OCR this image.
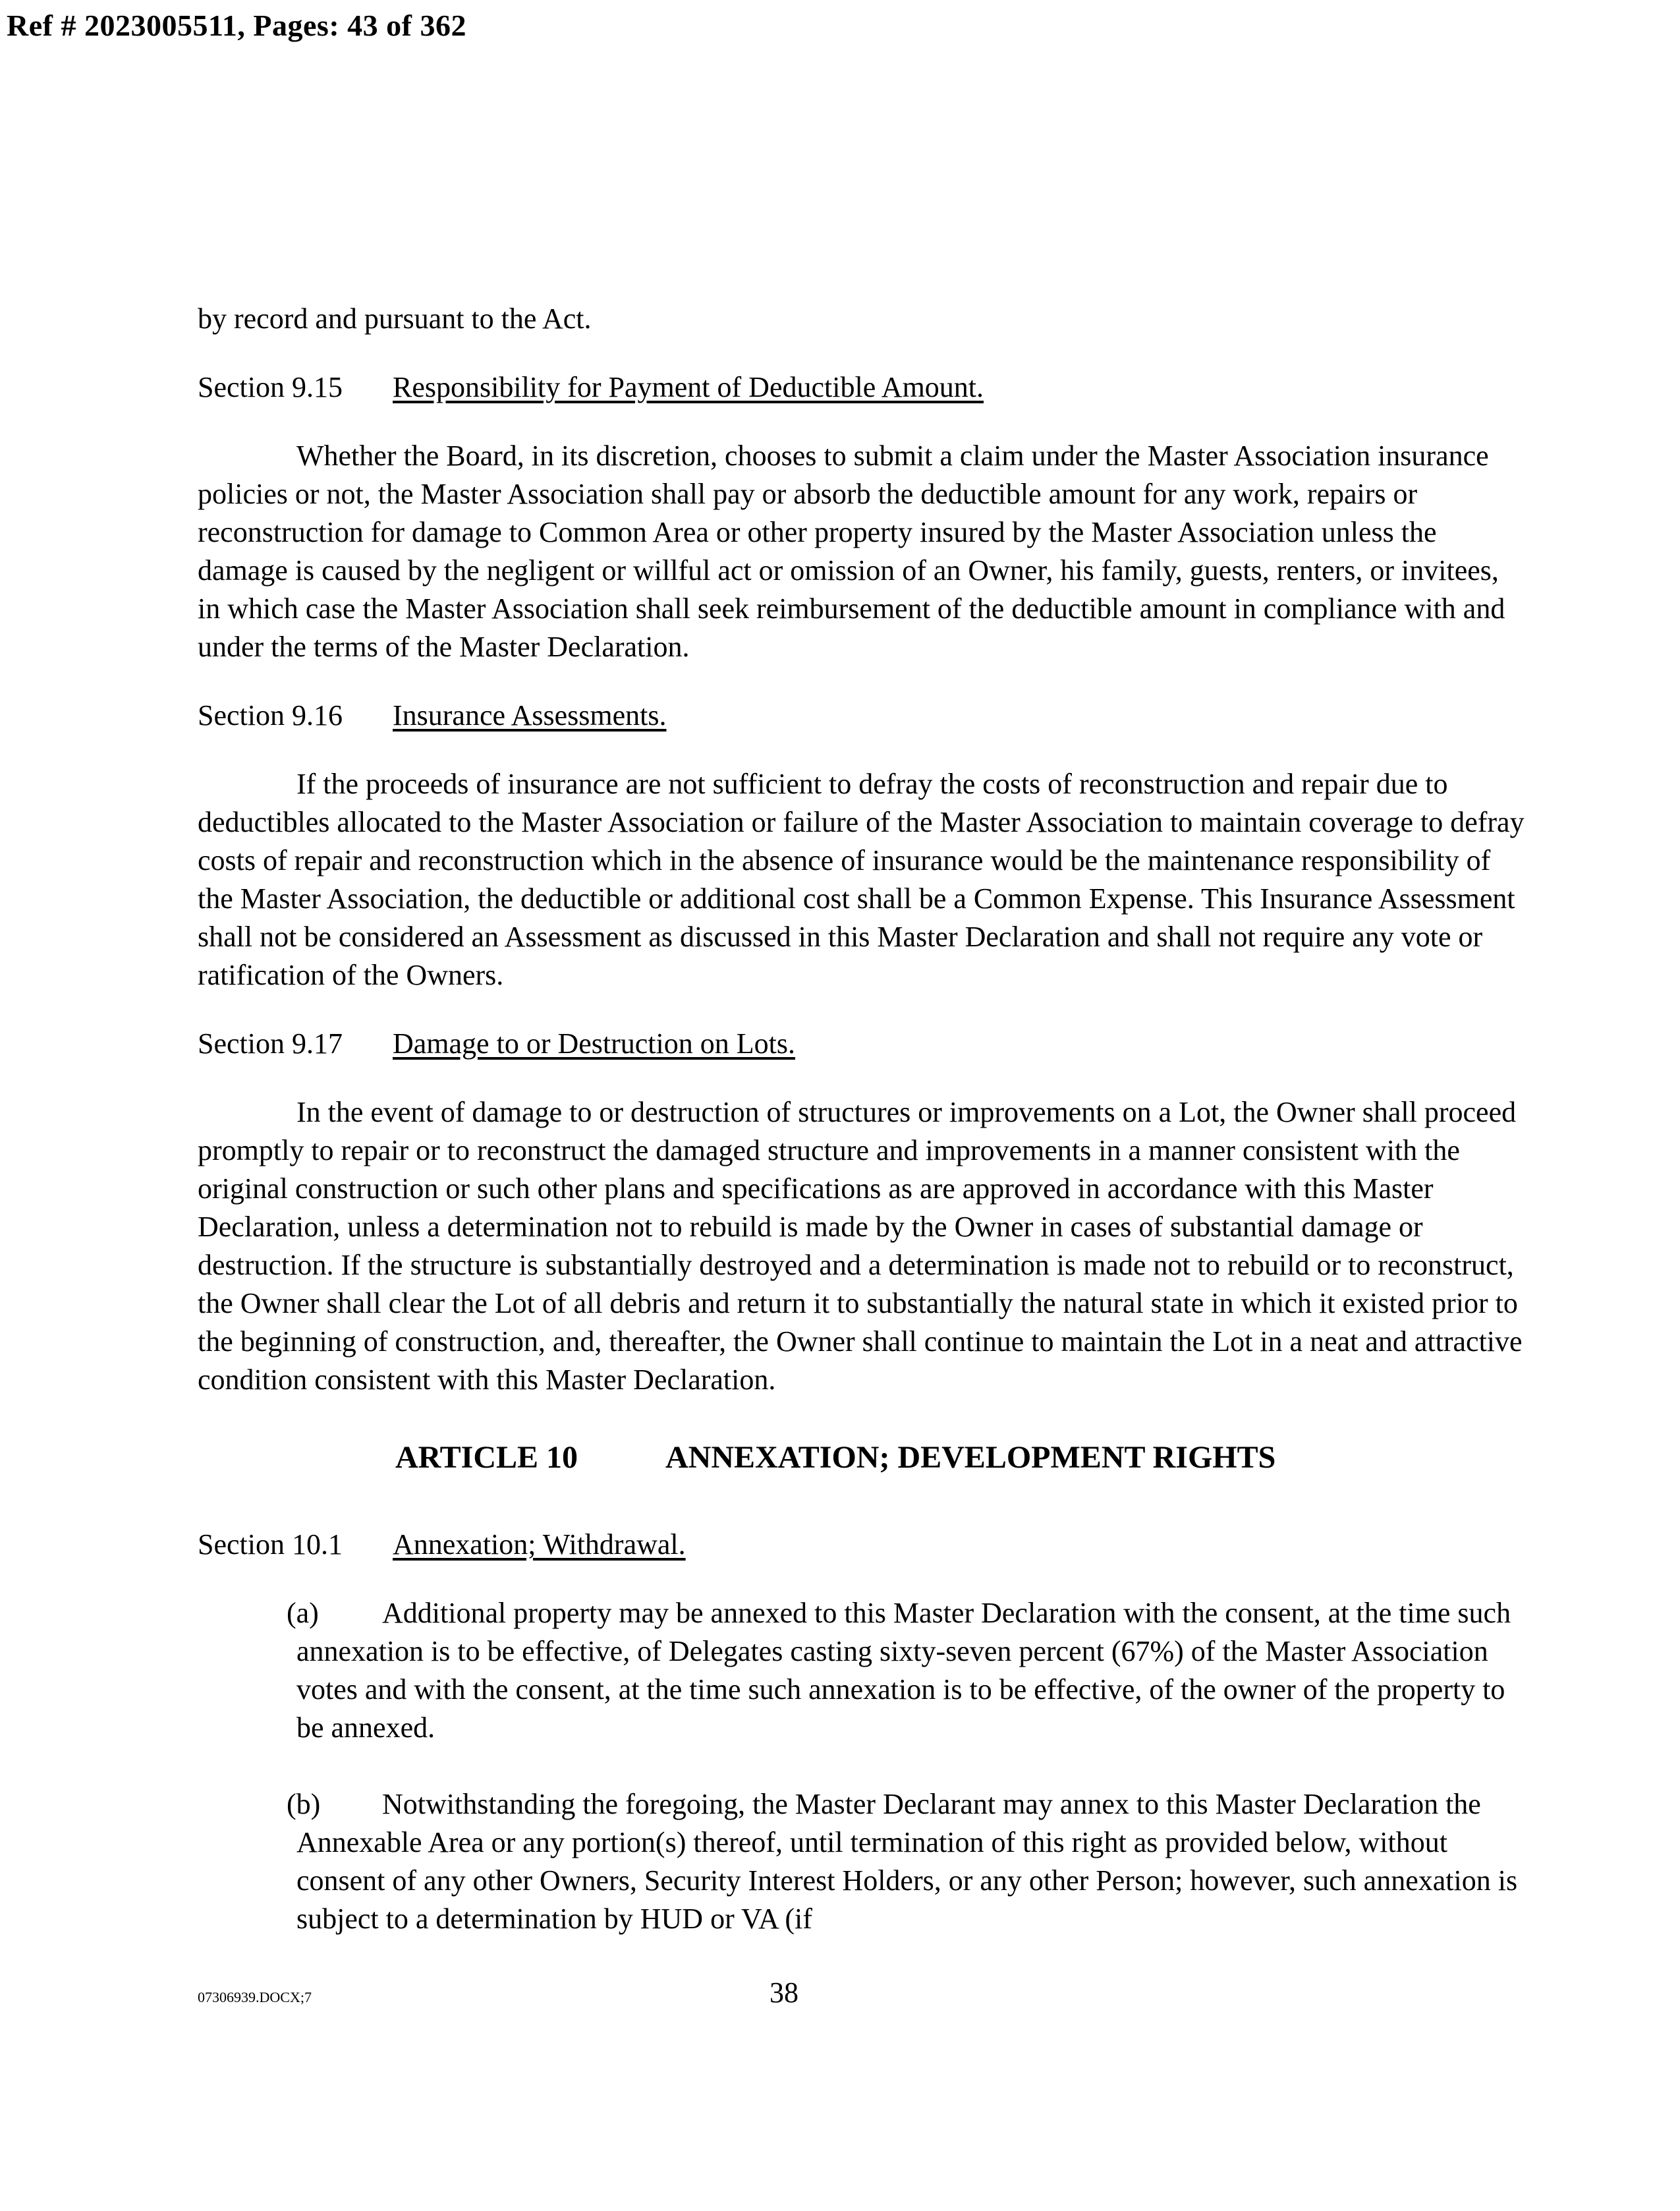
Ref # 2023005511, Pages: 43 of 362

by record and pursuant to the Act.

Section 9.15	Responsibility for Payment of Deductible Amount.

Whether the Board, in its discretion, chooses to submit a claim under the Master Association insurance policies or not, the Master Association shall pay or absorb the deductible amount for any work, repairs or reconstruction for damage to Common Area or other property insured by the Master Association unless the damage is caused by the negligent or willful act or omission of an Owner, his family, guests, renters, or invitees, in which case the Master Association shall seek reimbursement of the deductible amount in compliance with and under the terms of the Master Declaration.

Section 9.16	Insurance Assessments.

If the proceeds of insurance are not sufficient to defray the costs of reconstruction and repair due to deductibles allocated to the Master Association or failure of the Master Association to maintain coverage to defray costs of repair and reconstruction which in the absence of insurance would be the maintenance responsibility of the Master Association, the deductible or additional cost shall be a Common Expense. This Insurance Assessment shall not be considered an Assessment as discussed in this Master Declaration and shall not require any vote or ratification of the Owners.

Section 9.17	Damage to or Destruction on Lots.

In the event of damage to or destruction of structures or improvements on a Lot, the Owner shall proceed promptly to repair or to reconstruct the damaged structure and improvements in a manner consistent with the original construction or such other plans and specifications as are approved in accordance with this Master Declaration, unless a determination not to rebuild is made by the Owner in cases of substantial damage or destruction. If the structure is substantially destroyed and a determination is made not to rebuild or to reconstruct, the Owner shall clear the Lot of all debris and return it to substantially the natural state in which it existed prior to the beginning of construction, and, thereafter, the Owner shall continue to maintain the Lot in a neat and attractive condition consistent with this Master Declaration.

ARTICLE 10	ANNEXATION; DEVELOPMENT RIGHTS
Section 10.1	Annexation; Withdrawal.

(a) Additional property may be annexed to this Master Declaration with the consent, at the time such annexation is to be effective, of Delegates casting sixty-seven percent (67%) of the Master Association votes and with the consent, at the time such annexation is to be effective, of the owner of the property to be annexed.

(b) Notwithstanding the foregoing, the Master Declarant may annex to this Master Declaration the Annexable Area or any portion(s) thereof, until termination of this right as provided below, without consent of any other Owners, Security Interest Holders, or any other Person; however, such annexation is subject to a determination by HUD or VA (if

07306939.DOCX;7	38
